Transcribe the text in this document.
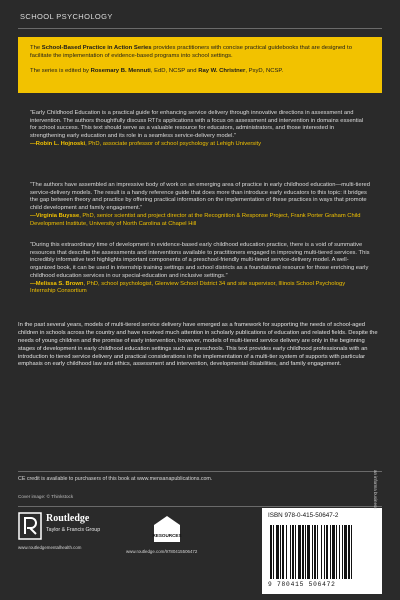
SCHOOL PSYCHOLOGY

The School-Based Practice in Action Series provides practitioners with concise practical guidebooks that are designed to facilitate the implementation of evidence-based programs into school settings.

The series is edited by Rosemary B. Mennuti, EdD, NCSP and Ray W. Christner, PsyD, NCSP.

“Early Childhood Education is a practical guide for enhancing service delivery through innovative directions in assessment and intervention. The authors thoughtfully discuss RTI’s applications with a focus on assessment and intervention in domains essential for school success. This text should serve as a valuable resource for educators, administrators, and those interested in strengthening early education and its role in a seamless service-delivery model.”

—Robin L. Hojnoski, PhD, associate professor of school psychology at Lehigh University

“The authors have assembled an impressive body of work on an emerging area of practice in early childhood education—multi-tiered service-delivery models. The result is a handy reference guide that does more than introduce early educators to this topic: it bridges the gap between theory and practice by offering practical information on the implementation of these practices in ways that promote child development and family engagement.”

—Virginia Buysse, PhD, senior scientist and project director at the Recognition & Response Project, Frank Porter Graham Child Development Institute, University of North Carolina at Chapel Hill

“During this extraordinary time of development in evidence-based early childhood education practice, there is a void of summative resources that describe the assessments and interventions available to practitioners engaged in improving multi-tiered services. This incredibly informative text highlights important components of a preschool-friendly multi-tiered service-delivery model. A well-organized book, it can be used in internship training settings and school districts as a foundational resource for those enriching early childhood education services in our special-education and inclusive settings.”

—Melissa S. Brown, PhD, school psychologist, Glenview School District 34 and site supervisor, Illinois School Psychology Internship Consortium

In the past several years, models of multi-tiered service delivery have emerged as a framework for supporting the needs of school-aged children in schools across the country and have received much attention in scholarly publications of education and related fields. Despite the needs of young children and the promise of early intervention, however, models of multi-tiered service delivery are only in the beginning stages of development in early childhood education settings such as preschools. This text provides early childhood professionals with an introduction to tiered service delivery and practical considerations in the implementation of a multi-tier system of supports with particular emphasis on early childhood law and ethics, assessment and intervention, developmental disabilities, and family engagement.

CE credit is available to purchasers of this book at www.mensanapublications.com.
Cover image: © Thinkstock
Routledge
Taylor & Francis Group
www.routledgementalhealth.com
RESOURCES
www.routledge.com/9780415506472
ISBN 978-0-415-50647-2
9 780415 506472
an informa business
